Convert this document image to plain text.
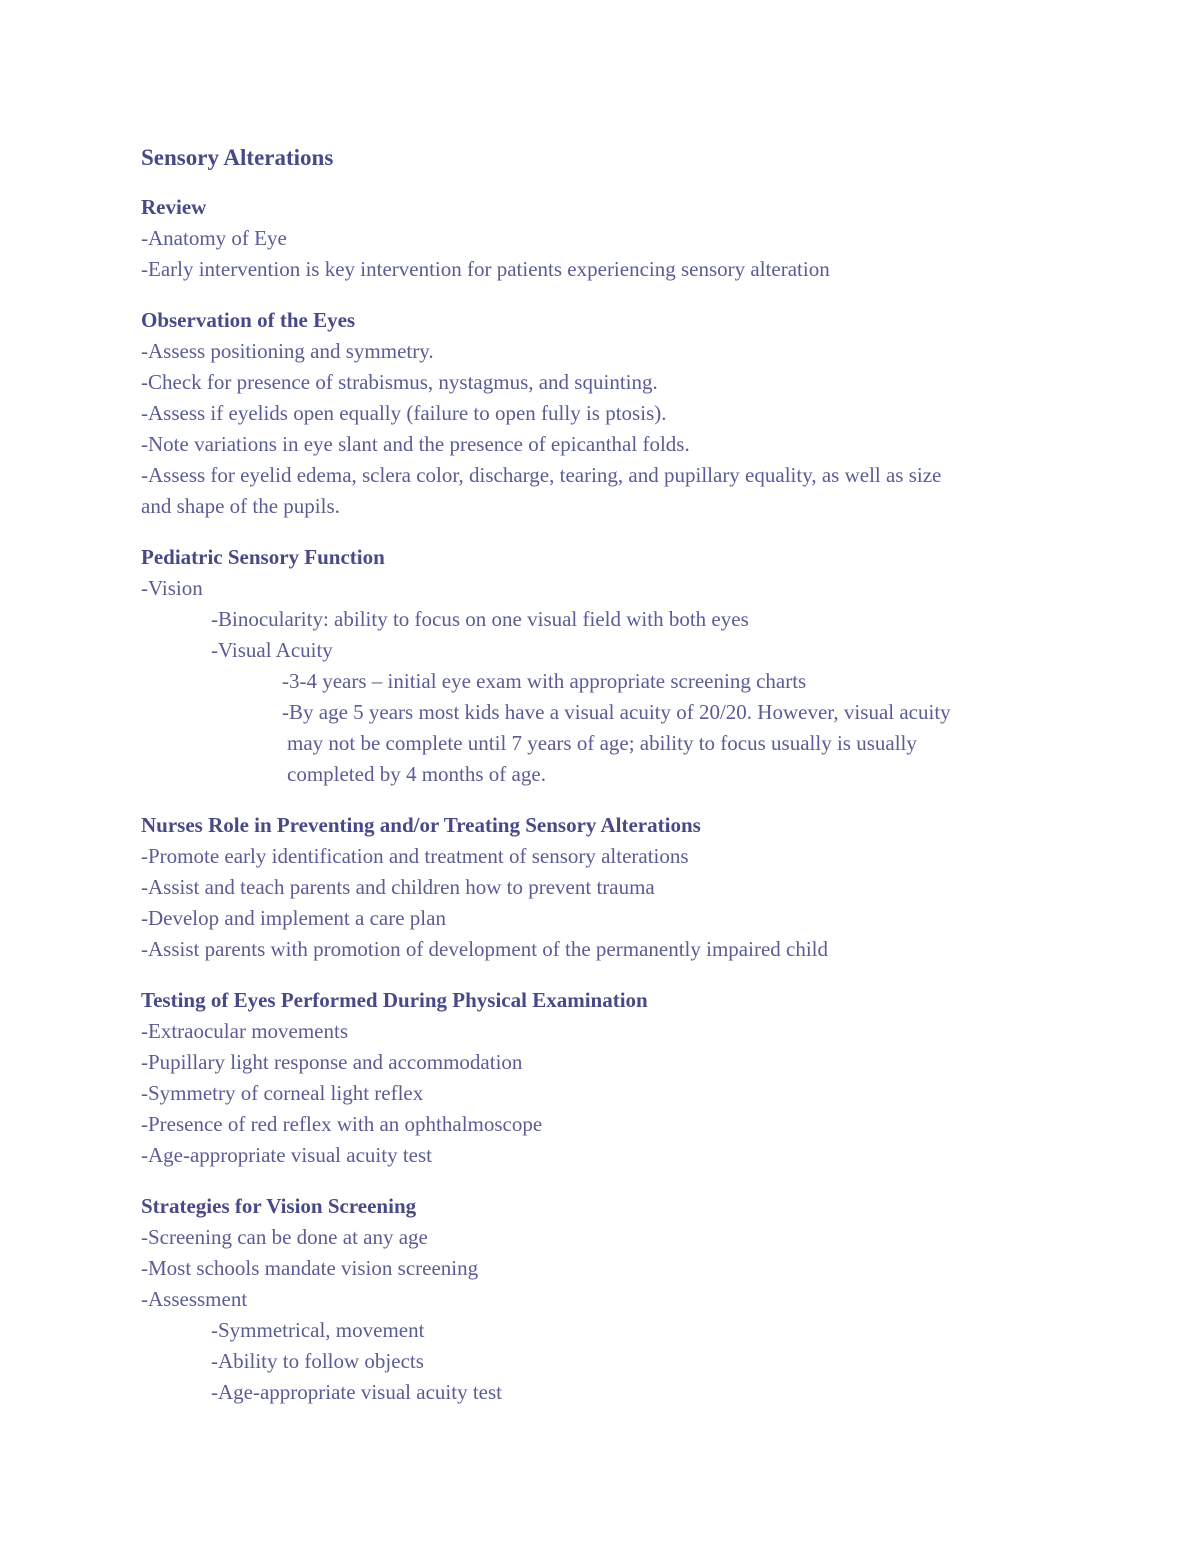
Sensory Alterations
Review

-Anatomy of Eye

-Early intervention is key intervention for patients experiencing sensory alteration

Observation of the Eyes

-Assess positioning and symmetry.

-Check for presence of strabismus, nystagmus, and squinting.

-Assess if eyelids open equally (failure to open fully is ptosis).

-Note variations in eye slant and the presence of epicanthal folds.

-Assess for eyelid edema, sclera color, discharge, tearing, and pupillary equality, as well as size

and shape of the pupils.

Pediatric Sensory Function

-Vision

-Binocularity: ability to focus on one visual field with both eyes

-Visual Acuity

-3-4 years – initial eye exam with appropriate screening charts

-By age 5 years most kids have a visual acuity of 20/20. However, visual acuity

may not be complete until 7 years of age; ability to focus usually is usually

completed by 4 months of age.

Nurses Role in Preventing and/or Treating Sensory Alterations

-Promote early identification and treatment of sensory alterations

-Assist and teach parents and children how to prevent trauma

-Develop and implement a care plan

-Assist parents with promotion of development of the permanently impaired child

Testing of Eyes Performed During Physical Examination

-Extraocular movements

-Pupillary light response and accommodation

-Symmetry of corneal light reflex

-Presence of red reflex with an ophthalmoscope

-Age-appropriate visual acuity test

Strategies for Vision Screening

-Screening can be done at any age

-Most schools mandate vision screening

-Assessment

-Symmetrical, movement

-Ability to follow objects

-Age-appropriate visual acuity test
